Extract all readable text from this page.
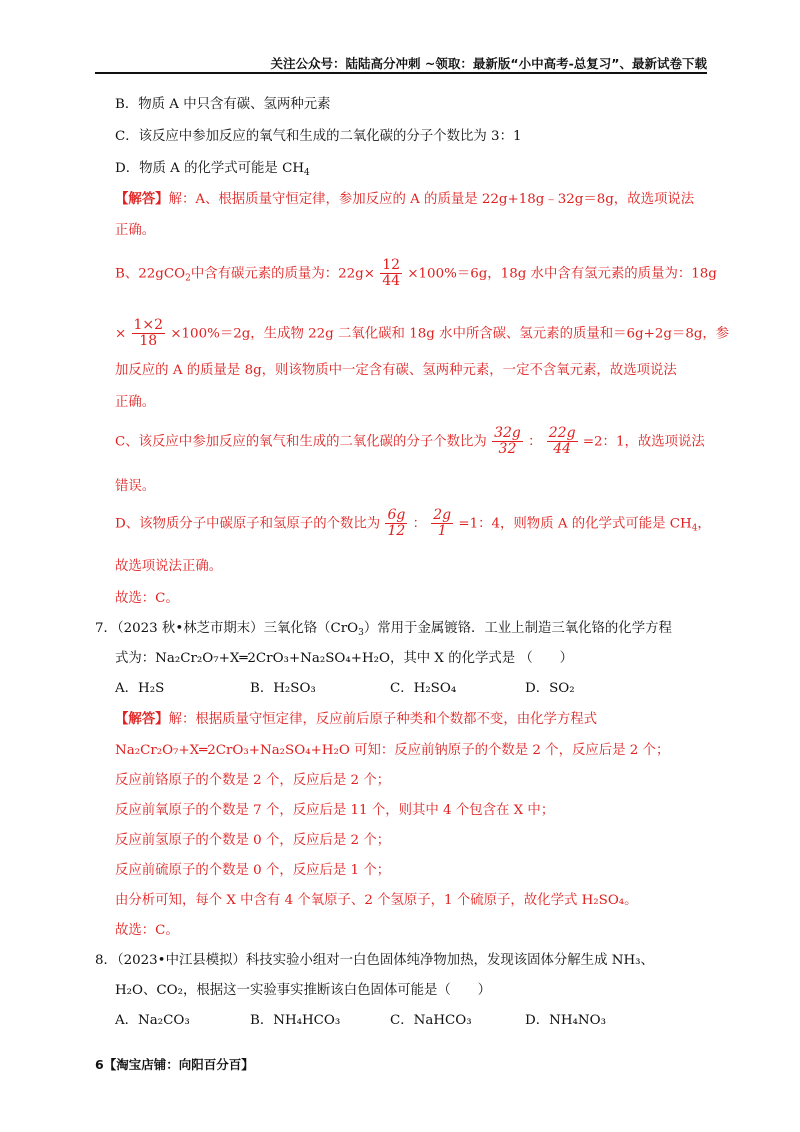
关注公众号：陆陆高分冲刺 ~领取：最新版“小中高考-总复习”、最新试卷下载
B．物质 A 中只含有碳、氢两种元素
C．该反应中参加反应的氧气和生成的二氧化碳的分子个数比为 3：1
D．物质 A 的化学式可能是 $CH_4$
【解答】解：A、根据质量守恒定律，参加反应的 A 的质量是 22g+18g﹣32g＝8g，故选项说法
正确。
B、22gCO$_2$中含有碳元素的质量为：$22g\times \frac{12}{44} \times 100\%=6g$，18g 水中含有氢元素的质量为：18g
× $\frac{1\times 2}{18} \times 100\%=2g$，生成物 22g 二氧化碳和 18g 水中所含碳、氢元素的质量和＝6g+2g＝8g，参
加反应的 A 的质量是 8g，则该物质中一定含有碳、氢两种元素，一定不含氧元素，故选项说法
正确。
C、该反应中参加反应的氧气和生成的二氧化碳的分子个数比为 $\frac{32g}{32}$ ： $\frac{22g}{44} =2$：1，故选项说法
错误。
D、该物质分子中碳原子和氢原子的个数比为 $\frac{6g}{12}$ ： $\frac{2g}{1} =1$：4，则物质 A 的化学式可能是 $CH_4$，
故选项说法正确。
故选：C。
7．（2023 秋•林芝市期末）三氧化铬（CrO$_3$）常用于金属镀铬．工业上制造三氧化铬的化学方程
式为：Na₂Cr₂O₇+X═2CrO₃+Na₂SO₄+H₂O，其中 X 的化学式是 （　　）
A．H₂S	B．H₂SO₃	C．H₂SO₄	D．SO₂
【解答】解：根据质量守恒定律，反应前后原子种类和个数都不变，由化学方程式
Na₂Cr₂O₇+X═2CrO₃+Na₂SO₄+H₂O 可知：反应前钠原子的个数是 2 个，反应后是 2 个；
反应前铬原子的个数是 2 个，反应后是 2 个；
反应前氧原子的个数是 7 个，反应后是 11 个，则其中 4 个包含在 X 中；
反应前氢原子的个数是 0 个，反应后是 2 个；
反应前硫原子的个数是 0 个，反应后是 1 个；
由分析可知，每个 X 中含有 4 个氧原子、2 个氢原子，1 个硫原子，故化学式 H₂SO₄。
故选：C。
8．（2023•中江县模拟）科技实验小组对一白色固体纯净物加热，发现该固体分解生成 NH₃、
H₂O、CO₂，根据这一实验事实推断该白色固体可能是（　　）
A．Na₂CO₃	B．NH₄HCO₃	C．NaHCO₃	D．NH₄NO₃
6【淘宝店铺：向阳百分百】
